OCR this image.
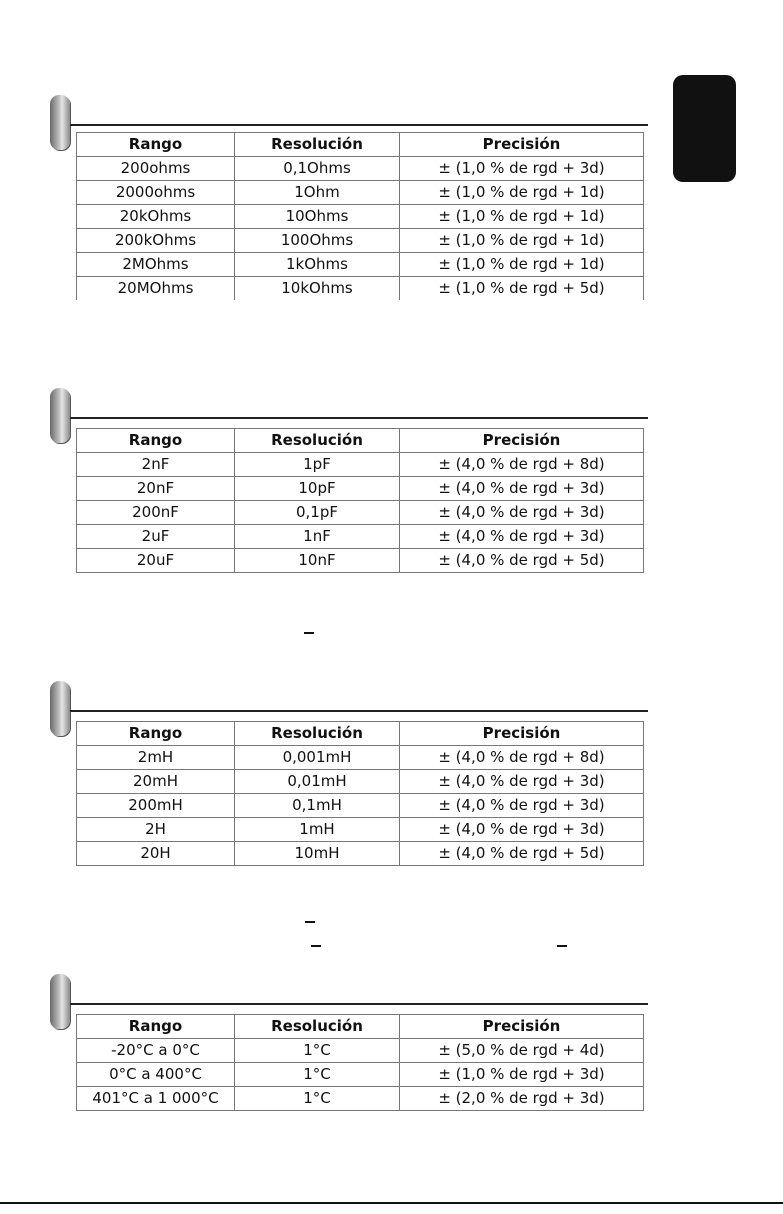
Rango	Resolución	Precisión
200ohms	0,1Ohms	± (1,0 % de rgd + 3d)
2000ohms	1Ohm	± (1,0 % de rgd + 1d)
20kOhms	10Ohms	± (1,0 % de rgd + 1d)
200kOhms	100Ohms	± (1,0 % de rgd + 1d)
2MOhms	1kOhms	± (1,0 % de rgd + 1d)
20MOhms	10kOhms	± (1,0 % de rgd + 5d)
Rango	Resolución	Precisión
2nF	1pF	± (4,0 % de rgd + 8d)
20nF	10pF	± (4,0 % de rgd + 3d)
200nF	0,1pF	± (4,0 % de rgd + 3d)
2uF	1nF	± (4,0 % de rgd + 3d)
20uF	10nF	± (4,0 % de rgd + 5d)
Rango	Resolución	Precisión
2mH	0,001mH	± (4,0 % de rgd + 8d)
20mH	0,01mH	± (4,0 % de rgd + 3d)
200mH	0,1mH	± (4,0 % de rgd + 3d)
2H	1mH	± (4,0 % de rgd + 3d)
20H	10mH	± (4,0 % de rgd + 5d)
Rango	Resolución	Precisión
-20°C a 0°C	1°C	± (5,0 % de rgd + 4d)
0°C a 400°C	1°C	± (1,0 % de rgd + 3d)
401°C a 1 000°C	1°C	± (2,0 % de rgd + 3d)
